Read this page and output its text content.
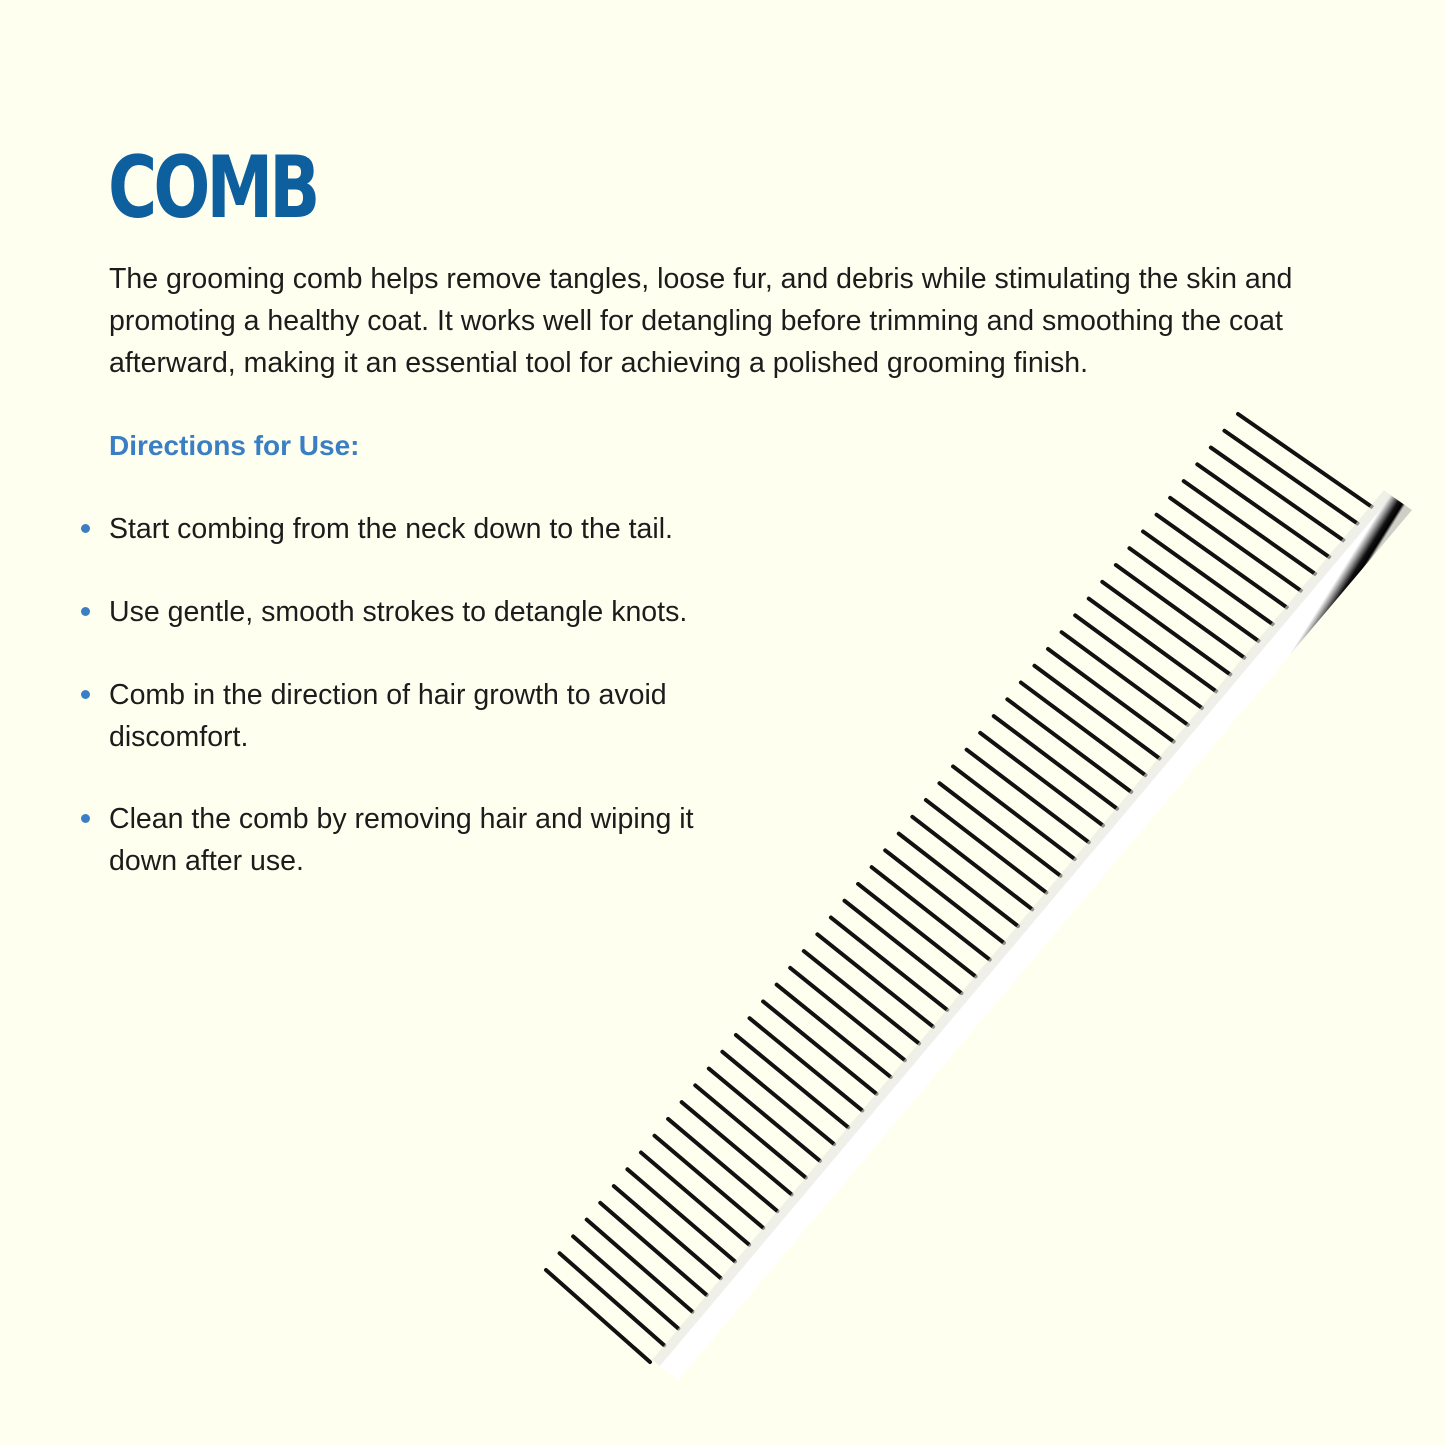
COMB

The grooming comb helps remove tangles, loose fur, and debris while stimulating the skin and promoting a healthy coat. It works well for detangling before trimming and smoothing the coat afterward, making it an essential tool for achieving a polished grooming finish.

Directions for Use:
Start combing from the neck down to the tail.
Use gentle, smooth strokes to detangle knots.
Comb in the direction of hair growth to avoid discomfort.
Clean the comb by removing hair and wiping it down after use.
